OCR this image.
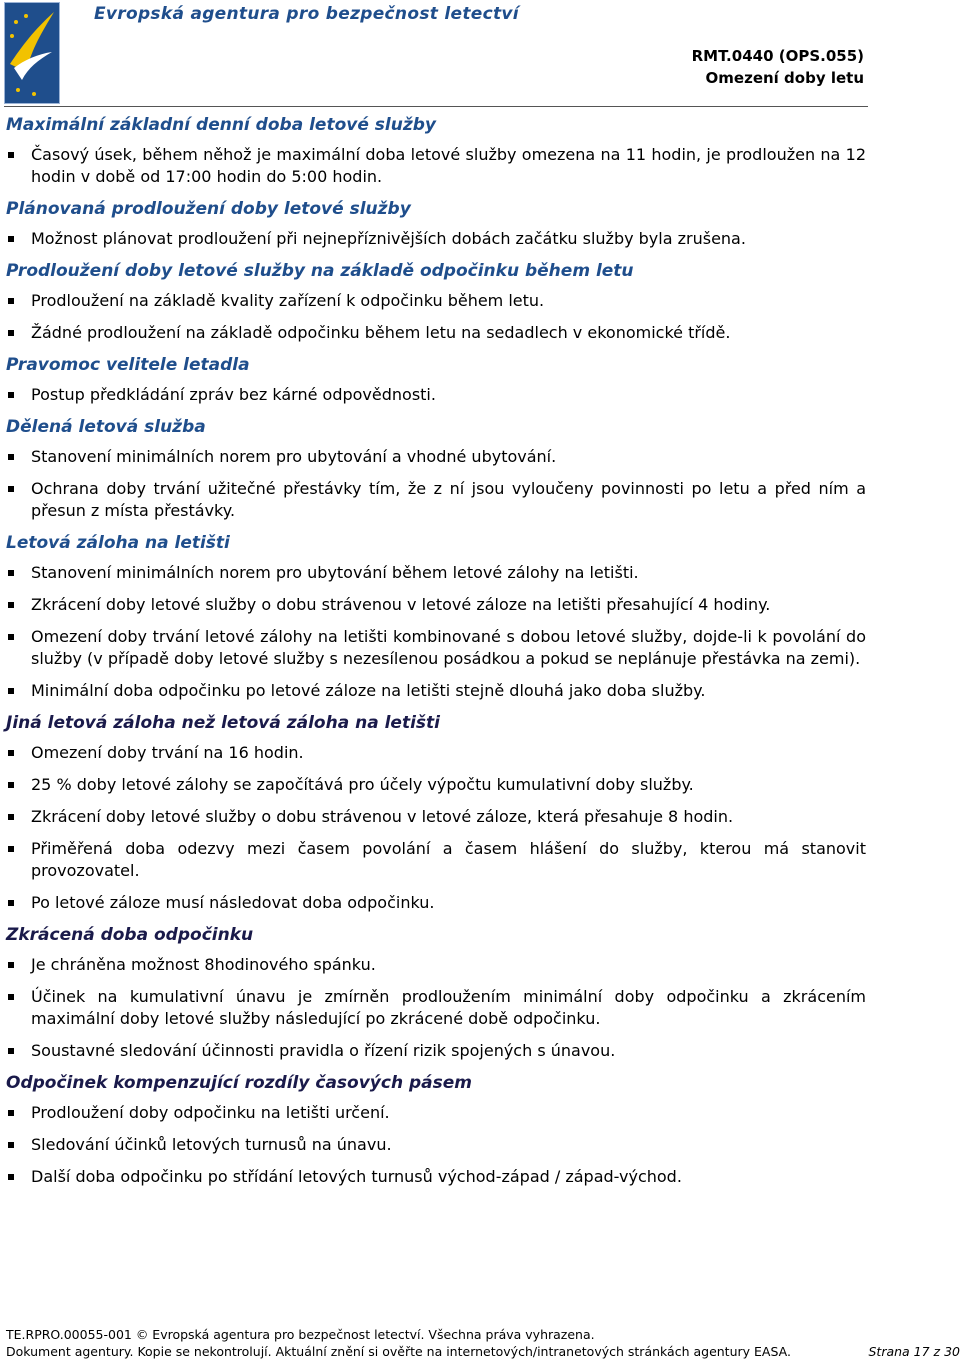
Evropská agentura pro bezpečnost letectví
RMT.0440 (OPS.055)
Omezení doby letu
Maximální základní denní doba letové služby
Časový úsek, během něhož je maximální doba letové služby omezena na 11 hodin, je prodloužen na 12 hodin v době od 17:00 hodin do 5:00 hodin.
Plánovaná prodloužení doby letové služby
Možnost plánovat prodloužení při nejnepříznivějších dobách začátku služby byla zrušena.
Prodloužení doby letové služby na základě odpočinku během letu
Prodloužení na základě kvality zařízení k odpočinku během letu.
Žádné prodloužení na základě odpočinku během letu na sedadlech v ekonomické třídě.
Pravomoc velitele letadla
Postup předkládání zpráv bez kárné odpovědnosti.
Dělená letová služba
Stanovení minimálních norem pro ubytování a vhodné ubytování.
Ochrana doby trvání užitečné přestávky tím, že z ní jsou vyloučeny povinnosti po letu a před ním a přesun z místa přestávky.
Letová záloha na letišti
Stanovení minimálních norem pro ubytování během letové zálohy na letišti.
Zkrácení doby letové služby o dobu strávenou v letové záloze na letišti přesahující 4 hodiny.
Omezení doby trvání letové zálohy na letišti kombinované s dobou letové služby, dojde-li k povolání do služby (v případě doby letové služby s nezesílenou posádkou a pokud se neplánuje přestávka na zemi).
Minimální doba odpočinku po letové záloze na letišti stejně dlouhá jako doba služby.
Jiná letová záloha než letová záloha na letišti
Omezení doby trvání na 16 hodin.
25 % doby letové zálohy se započítává pro účely výpočtu kumulativní doby služby.
Zkrácení doby letové služby o dobu strávenou v letové záloze, která přesahuje 8 hodin.
Přiměřená doba odezvy mezi časem povolání a časem hlášení do služby, kterou má stanovit provozovatel.
Po letové záloze musí následovat doba odpočinku.
Zkrácená doba odpočinku
Je chráněna možnost 8hodinového spánku.
Účinek na kumulativní únavu je zmírněn prodloužením minimální doby odpočinku a zkrácením maximální doby letové služby následující po zkrácené době odpočinku.
Soustavné sledování účinnosti pravidla o řízení rizik spojených s únavou.
Odpočinek kompenzující rozdíly časových pásem
Prodloužení doby odpočinku na letišti určení.
Sledování účinků letových turnusů na únavu.
Další doba odpočinku po střídání letových turnusů východ-západ / západ-východ.
TE.RPRO.00055-001 © Evropská agentura pro bezpečnost letectví. Všechna práva vyhrazena.
Dokument agentury. Kopie se nekontrolují. Aktuální znění si ověřte na internetových/intranetových stránkách agentury EASA.	Strana 17 z 30
